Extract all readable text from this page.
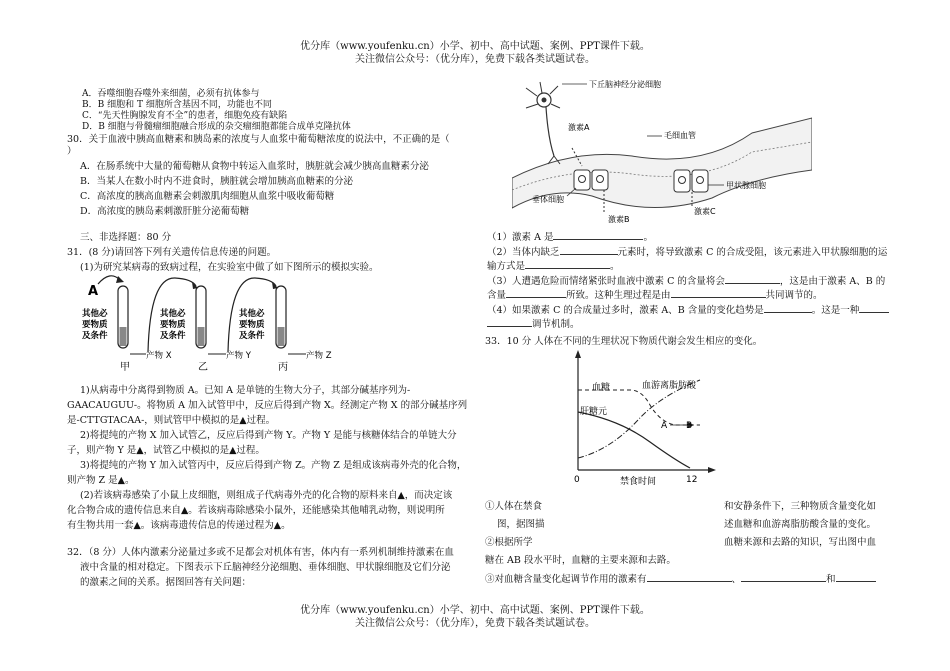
优分库（www.youfenku.cn）小学、初中、高中试题、案例、PPT课件下载。
关注微信公众号：（优分库），免费下载各类试题试卷。
A．吞噬细胞吞噬外来细菌，必须有抗体参与
B．B 细胞和 T 细胞所含基因不同，功能也不同
C．“先天性胸腺发育不全”的患者，细胞免疫有缺陷
D．B 细胞与骨髓瘤细胞融合形成的杂交瘤细胞都能合成单克隆抗体
30．关于血液中胰高血糖素和胰岛素的浓度与人血浆中葡萄糖浓度的说法中，不正确的是（
）
A．在肠系统中大量的葡萄糖从食物中转运入血浆时，胰脏就会减少胰高血糖素分泌
B．当某人在数小时内不进食时，胰脏就会增加胰高血糖素的分泌
C．高浓度的胰高血糖素会刺激肌肉细胞从血浆中吸收葡萄糖
D．高浓度的胰岛素刺激肝脏分泌葡萄糖
三、非选择题：80 分
31．(8 分)请回答下列有关遗传信息传递的问题。
(1)为研究某病毒的致病过程，在实验室中做了如下图所示的模拟实验。
A
其他必
要物质
及条件
其他必
要物质
及条件
其他必
要物质
及条件
甲	乙	丙
产物 X	产物 Y	产物 Z
1)从病毒中分离得到物质 A。已知 A 是单链的生物大分子，其部分碱基序列为-
GAACAUGUU-。将物质 A 加入试管甲中，反应后得到产物 X。经测定产物 X 的部分碱基序列
是-CTTGTACAA-，则试管甲中模拟的是▲过程。
2)将提纯的产物 X 加入试管乙，反应后得到产物 Y。产物 Y 是能与核糖体结合的单链大分
子，则产物 Y 是▲，试管乙中模拟的是▲过程。
3)将提纯的产物 Y 加入试管丙中，反应后得到产物 Z。产物 Z 是组成该病毒外壳的化合物，
则产物 Z 是▲。
(2)若该病毒感染了小鼠上皮细胞，则组成子代病毒外壳的化合物的原料来自▲，而决定该
化合物合成的遗传信息来自▲。若该病毒除感染小鼠外，还能感染其他哺乳动物，则说明所
有生物共用一套▲。该病毒遗传信息的传递过程为▲。
32．（8 分）人体内激素分泌量过多或不足都会对机体有害，体内有一系列机制维持激素在血
液中含量的相对稳定。下图表示下丘脑神经分泌细胞、垂体细胞、甲状腺细胞及它们分泌
的激素之间的关系。据图回答有关问题：
下丘脑神经分泌细胞
激素A
毛细血管
垂体细胞
激素B
甲状腺细胞
激素C
（1）激素 A 是	。
（2）当体内缺乏	元素时，将导致激素 C 的合成受阻，该元素进入甲状腺细胞的运
输方式是	。
（3）人遭遇危险而情绪紧张时血液中激素 C 的含量将会	，这是由于激素 A、B 的
含量	所致。这种生理过程是由	共同调节的。
（4）如果激素 C 的合成量过多时，激素 A、B 含量的变化趋势是	。这是一种
调节机制。
33．10 分 人体在不同的生理状况下物质代谢会发生相应的变化。
血糖	血游离脂肪酸
肝糖元
A B
0	禁食时间	12
①人体在禁食	和安静条件下，三种物质含量变化如
图，据图描	述血糖和血游离脂肪酸含量的变化。
②根据所学	血糖来源和去路的知识，写出图中血
糖在 AB 段水平时，血糖的主要来源和去路。
③对血糖含量变化起调节作用的激素有	、	和
优分库（www.youfenku.cn）小学、初中、高中试题、案例、PPT课件下载。
关注微信公众号：（优分库），免费下载各类试题试卷。
